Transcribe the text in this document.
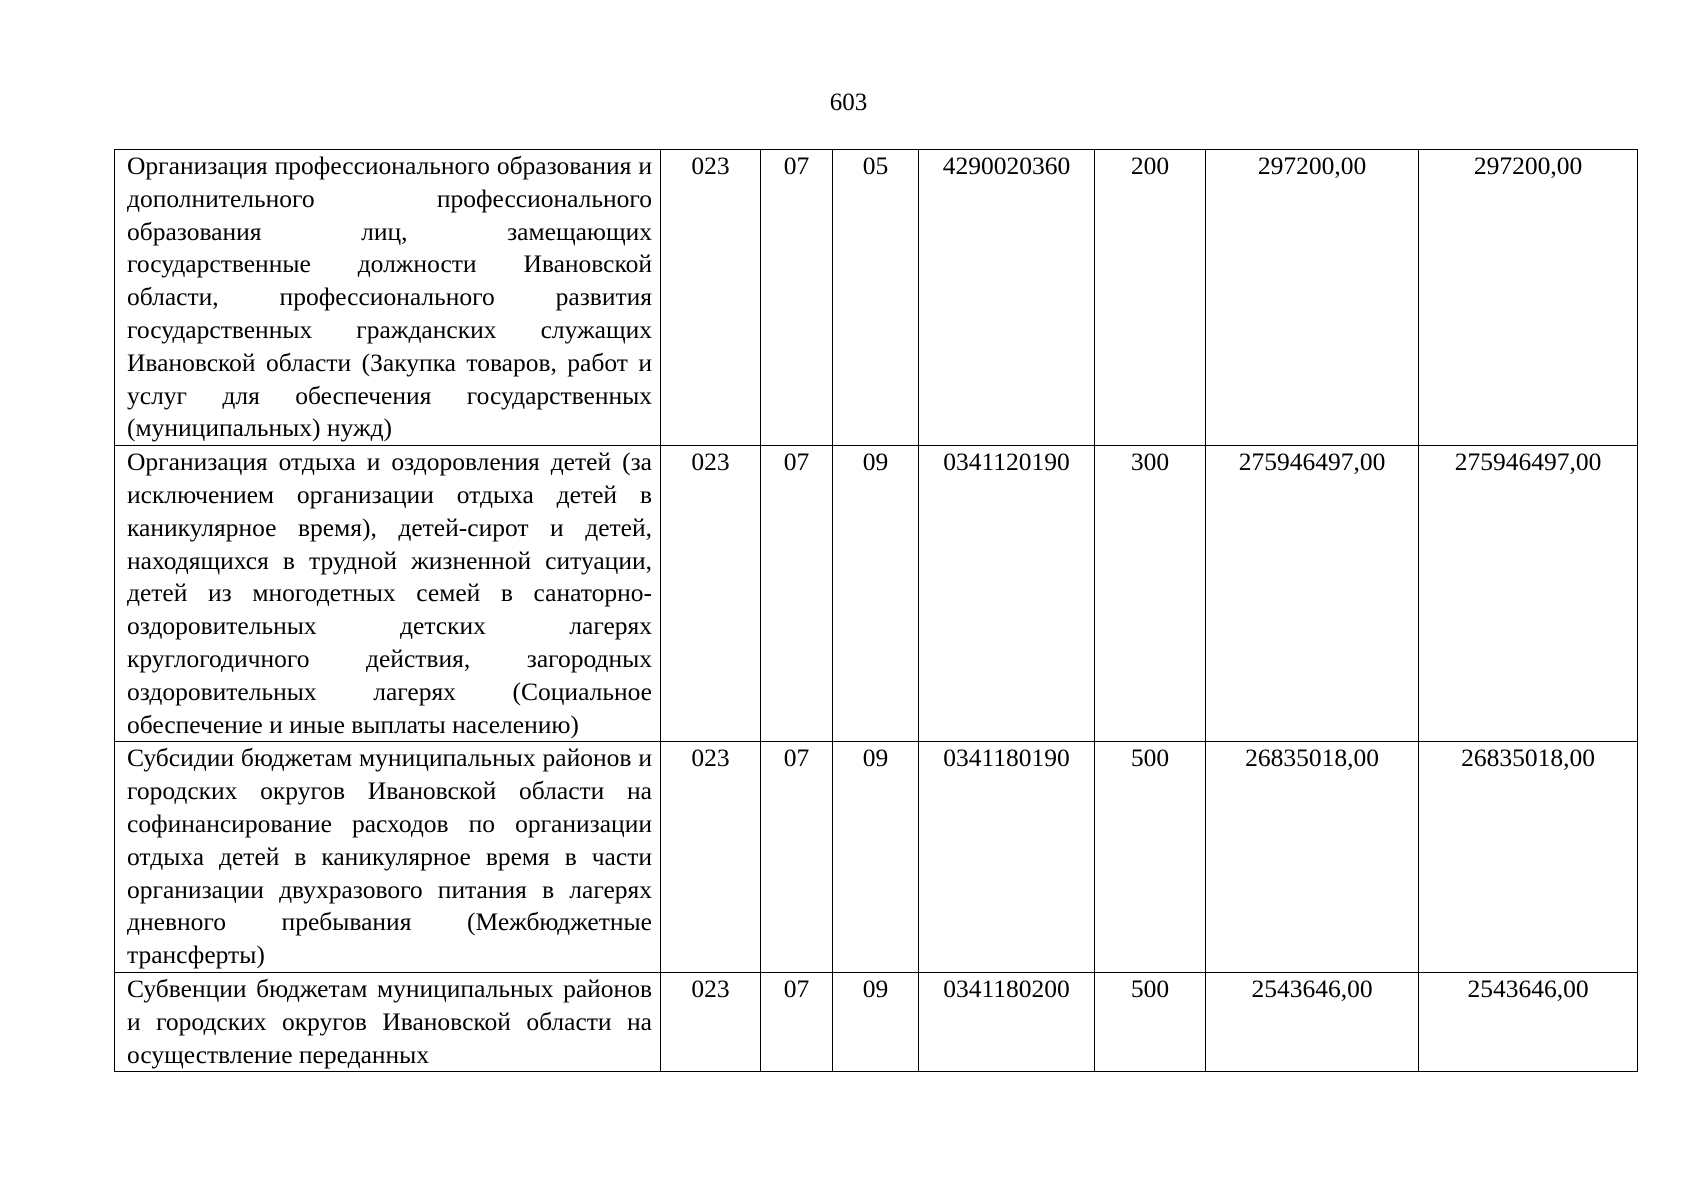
603
Организация профессионального образования и дополнительного профессионального образования лиц, замещающих государственные должности Ивановской области, профессионального развития государственных гражданских служащих Ивановской области (Закупка товаров, работ и услуг для обеспечения государственных (муниципальных) нужд)	023	07	05	4290020360	200	297200,00	297200,00
Организация отдыха и оздоровления детей (за исключением организации отдыха детей в каникулярное время), детей-сирот и детей, находящихся в трудной жизненной ситуации, детей из многодетных семей в санаторно-оздоровительных детских лагерях круглогодичного действия, загородных оздоровительных лагерях (Социальное обеспечение и иные выплаты населению)	023	07	09	0341120190	300	275946497,00	275946497,00
Субсидии бюджетам муниципальных районов и городских округов Ивановской области на софинансирование расходов по организации отдыха детей в каникулярное время в части организации двухразового питания в лагерях дневного пребывания (Межбюджетные трансферты)	023	07	09	0341180190	500	26835018,00	26835018,00
Субвенции бюджетам муниципальных районов и городских округов Ивановской области на осуществление переданных	023	07	09	0341180200	500	2543646,00	2543646,00
